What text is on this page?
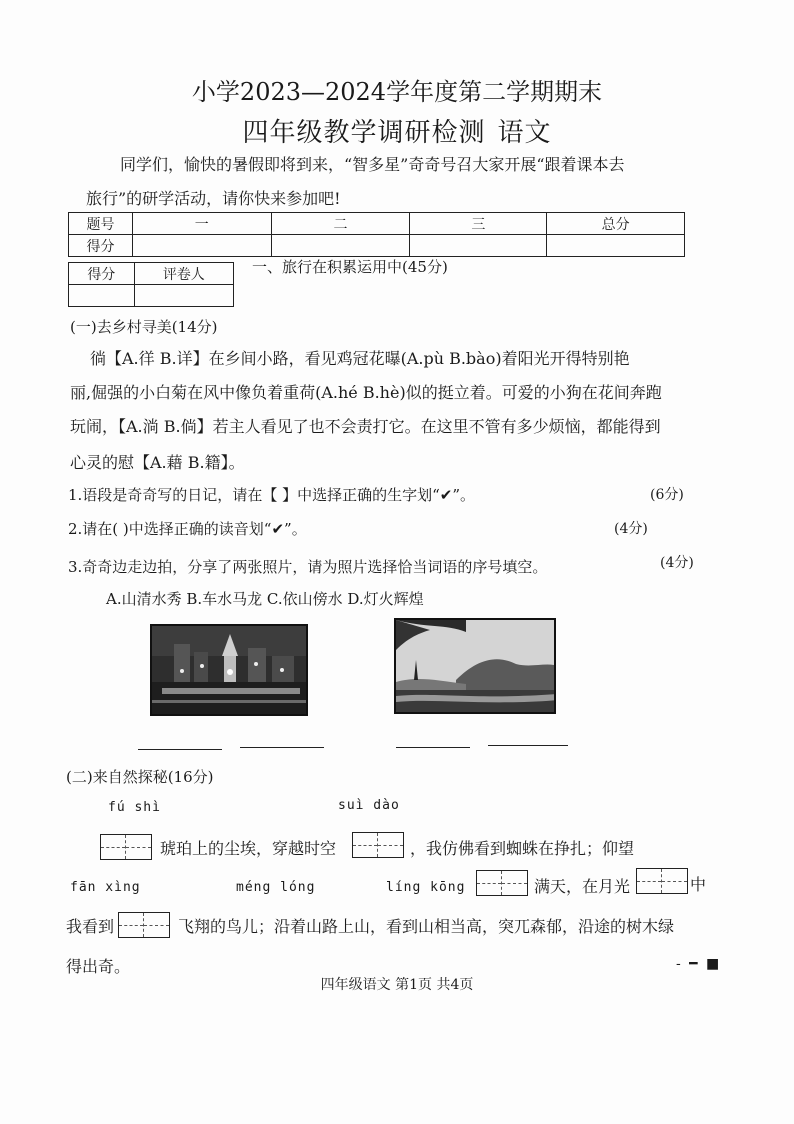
小学2023—2024学年度第二学期期末
四年级教学调研检测 语文
同学们，愉快的暑假即将到来，“智多星”奇奇号召大家开展“跟着课本去
旅行”的研学活动，请你快来参加吧!
题号	一	二	三	总分
得分				
得分	评卷人
		一、旅行在积累运用中(45分)
(一)去乡村寻美(14分)
徜【A.徉 B.详】在乡间小路，看见鸡冠花曝(A.pù B.bào)着阳光开得特别艳
丽,倔强的小白菊在风中像负着重荷(A.hé B.hè)似的挺立着。可爱的小狗在花间奔跑
玩闹，【A.淌 B.倘】若主人看见了也不会责打它。在这里不管有多少烦恼，都能得到
心灵的慰【A.藉 B.籍】。
1.语段是奇奇写的日记，请在【 】中选择正确的生字划“✔”。	(6分)
2.请在( )中选择正确的读音划“✔”。	(4分)
3.奇奇边走边拍，分享了两张照片，请为照片选择恰当词语的序号填空。	(4分)
A.山清水秀 B.车水马龙 C.依山傍水 D.灯火辉煌
(二)来自然探秘(16分)
fú shì	suì dào
琥珀上的尘埃，穿越时空	，我仿佛看到蜘蛛在挣扎；仰望
fān xìng	méng lóng	líng kōng	满天，在月光	中
我看到	飞翔的鸟儿；沿着山路上山，看到山相当高，突兀森郁，沿途的树木绿
得出奇。	- ━ ■
四年级语文 第1页 共4页
